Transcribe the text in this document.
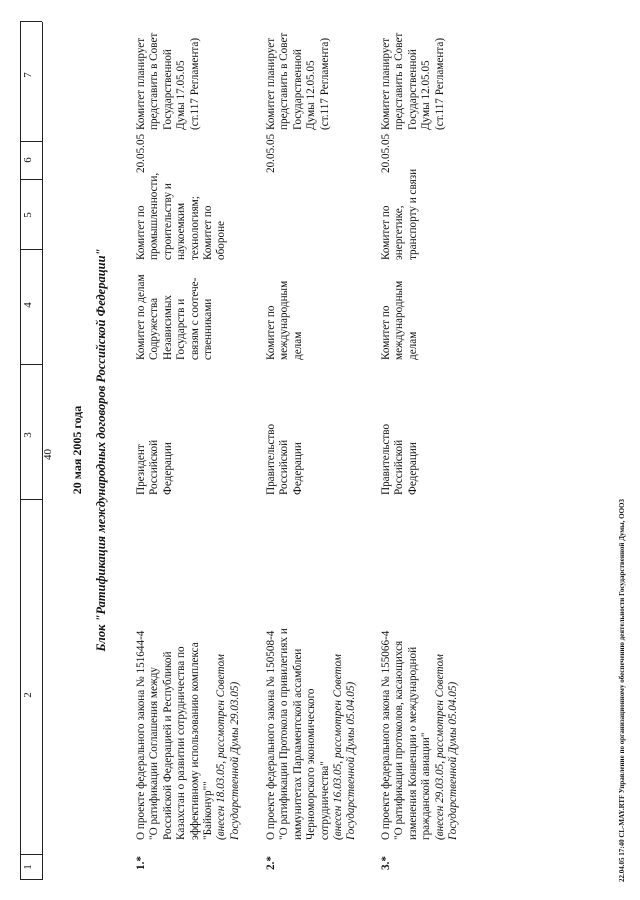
40
1
2
3
4
5
6
7
20 мая 2005 года Блок "Ратификация международных договоров Российской Федерации"
1.*
О проекте федерального закона № 151644-4 "О ратификации Соглашения между Российской Федерацией и Республикой Казахстан о развитии сотрудничества по эффективному использованию комплекса "Байконур"" (внесен 18.03.05, рассмотрен Советом Государственной Думы 29.03.05)
Президент Российской Федерации
Комитет по делам Содружества Независимых Государств и связям с соотече- ственниками
Комитет по промышленности, строительству и наукоемким технологиям; Комитет по обороне
20.05.05
Комитет планирует представить в Совет Государственной Думы 17.05.05 (ст.117 Регламента)
2.*
О проекте федерального закона № 150508-4 "О ратификации Протокола о привилегиях и иммунитетах Парламентской ассамблеи Черноморского экономического сотрудничества" (внесен 16.03.05, рассмотрен Советом Государственной Думы 05.04.05)
Правительство Российской Федерации
Комитет по международным делам
20.05.05
Комитет планирует представить в Совет Государственной Думы 12.05.05 (ст.117 Регламента)
3.*
О проекте федерального закона № 155066-4 "О ратификации протоколов, касающихся изменения Конвенции о международной гражданской авиации" (внесен 29.03.05, рассмотрен Советом Государственной Думы 05.04.05)
Правительство Российской Федерации
Комитет по международным делам
Комитет по энергетике, транспорту и связи
20.05.05
Комитет планирует представить в Совет Государственной Думы 12.05.05 (ст.117 Регламента)
22.04.05 17:40 CL-MAY.RTF Управление по организационному обеспечению деятельности Государственной Думы, ООО3
